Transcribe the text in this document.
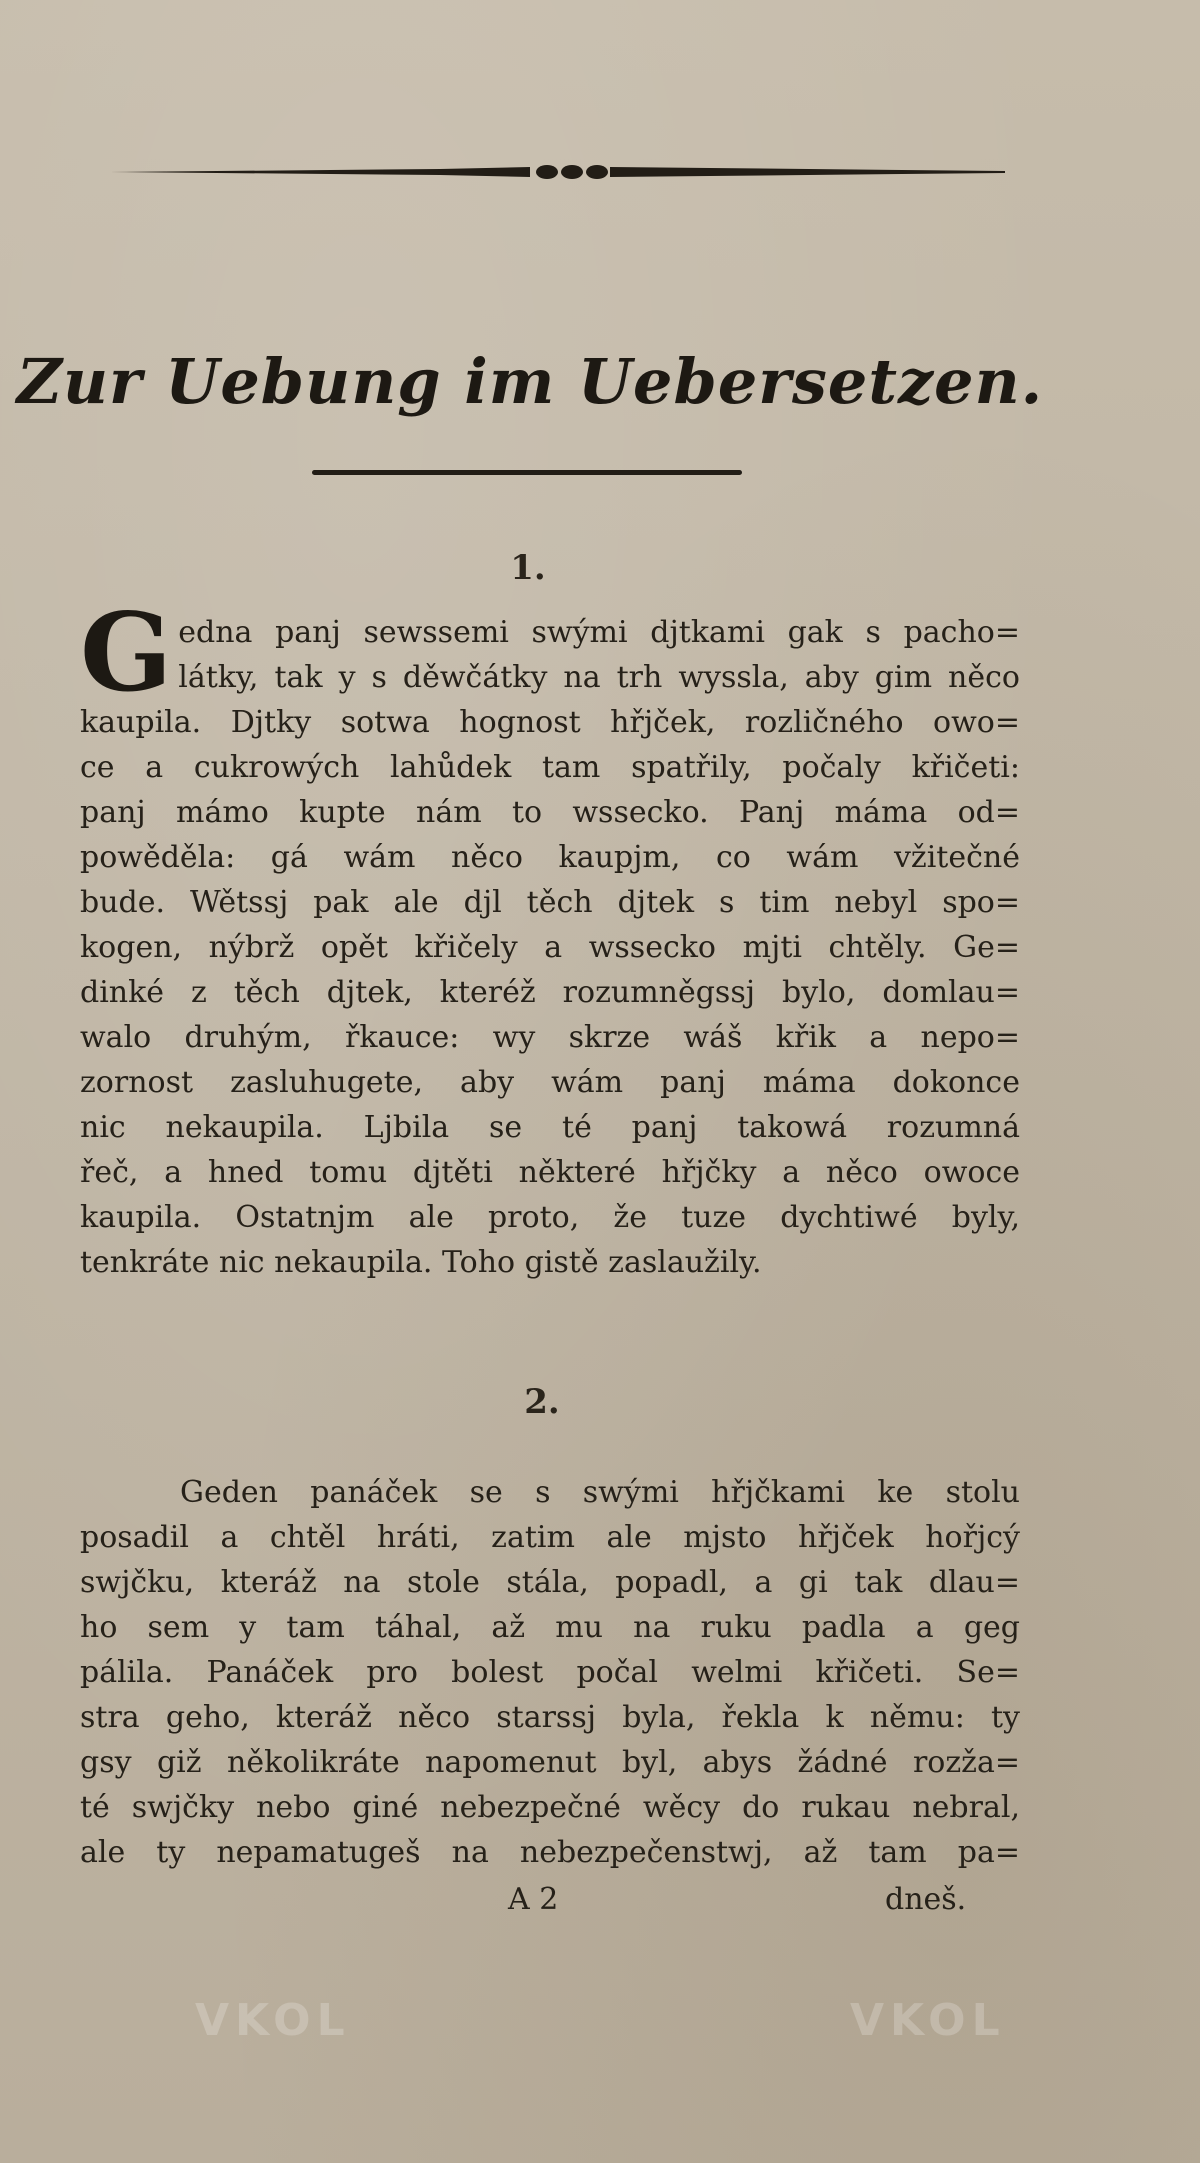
Zur Uebung im Uebersetzen.
1.
G edna panj sewssemi swými djtkami gak s pacho=
látky, tak y s děwčátky na trh wyssla, aby gim něco
kaupila. Djtky sotwa hognost hřjček, rozličného owo=
ce a cukrowých lahůdek tam spatřily, počaly křičeti:
panj mámo kupte nám to wssecko. Panj máma od=
powěděla: gá wám něco kaupjm, co wám vžitečné
bude. Wětssj pak ale djl těch djtek s tim nebyl spo=
kogen, nýbrž opět křičely a wssecko mjti chtěly. Ge=
dinké z těch djtek, kteréž rozumněgssj bylo, domlau=
walo druhým, řkauce: wy skrze wáš křik a nepo=
zornost zasluhugete, aby wám panj máma dokonce
nic nekaupila. Ljbila se té panj takowá rozumná
řeč, a hned tomu djtěti některé hřjčky a něco owoce
kaupila. Ostatnjm ale proto, že tuze dychtiwé byly,
tenkráte nic nekaupila. Toho gistě zaslaužily.
2.
Geden panáček se s swými hřjčkami ke stolu
posadil a chtěl hráti, zatim ale mjsto hřjček hořjcý
swjčku, kteráž na stole stála, popadl, a gi tak dlau=
ho sem y tam táhal, až mu na ruku padla a geg
pálila. Panáček pro bolest počal welmi křičeti. Se=
stra geho, kteráž něco starssj byla, řekla k němu: ty
gsy giž několikráte napomenut byl, abys žádné rozža=
té swjčky nebo giné nebezpečné wěcy do rukau nebral,
ale ty nepamatugeš na nebezpečenstwj, až tam pa=
A 2	dneš.
VKOL	VKOL
